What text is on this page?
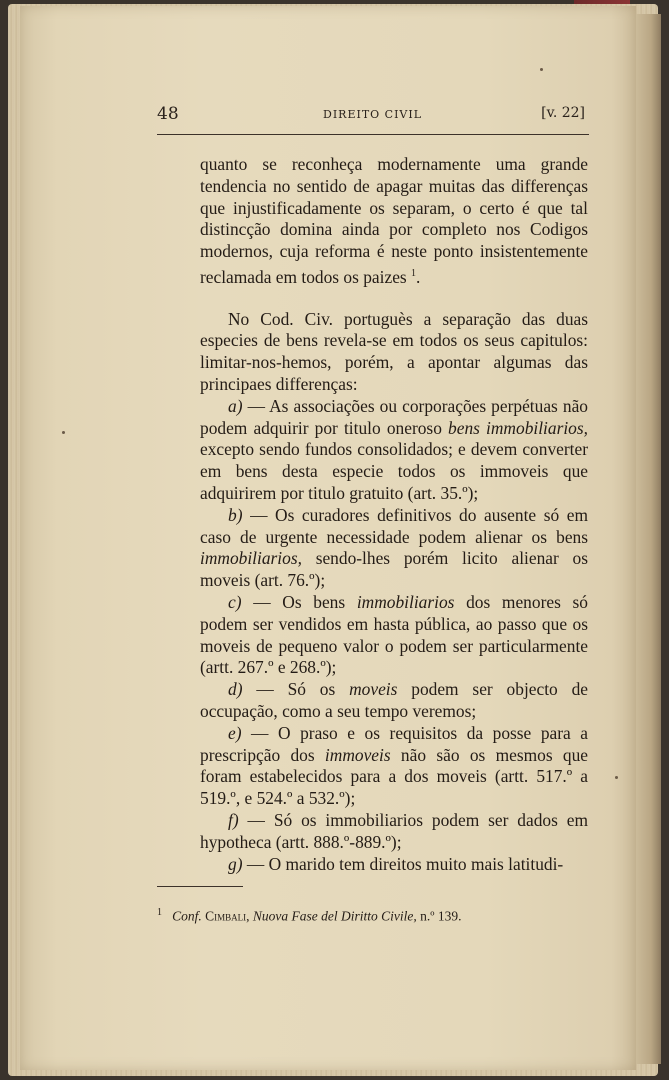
48	DIREITO CIVIL	[v. 22]

quanto se reconheça modernamente uma grande tendencia no sentido de apagar muitas das differenças que injustificadamente os separam, o certo é que tal distincção domina ainda por completo nos Codigos modernos, cuja reforma é neste ponto insistentemente reclamada em todos os paizes $^1$.

No Cod. Civ. portuguès a separação das duas especies de bens revela-se em todos os seus capitulos: limitar-nos-hemos, porém, a apontar algumas das principaes differenças:

a) — As associações ou corporações perpétuas não podem adquirir por titulo oneroso bens immobiliarios, excepto sendo fundos consolidados; e devem converter em bens desta especie todos os immoveis que adquirirem por titulo gratuito (art. 35.º);

b) — Os curadores definitivos do ausente só em caso de urgente necessidade podem alienar os bens immobiliarios, sendo-lhes porém licito alienar os moveis (art. 76.º);

c) — Os bens immobiliarios dos menores só podem ser vendidos em hasta pública, ao passo que os moveis de pequeno valor o podem ser particularmente (artt. 267.º e 268.º);

d) — Só os moveis podem ser objecto de occupação, como a seu tempo veremos;

e) — O praso e os requisitos da posse para a prescripção dos immoveis não são os mesmos que foram estabelecidos para a dos moveis (artt. 517.º a 519.º, e 524.º a 532.º);

f) — Só os immobiliarios podem ser dados em hypotheca (artt. 888.º-889.º);

g) — O marido tem direitos muito mais latitudi-

$^1$ Conf. Cimbali, Nuova Fase del Diritto Civile, n.º 139.
